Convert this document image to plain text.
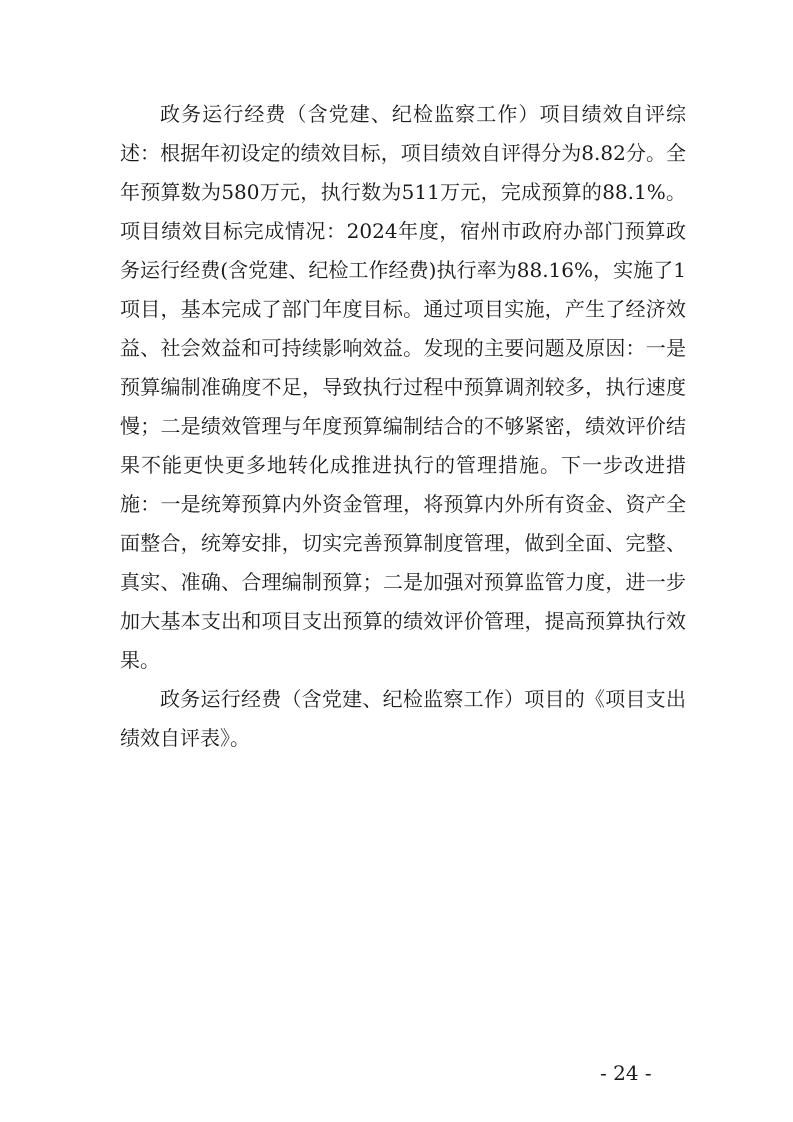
政务运行经费（含党建、纪检监察工作）项目绩效自评综述：根据年初设定的绩效目标，项目绩效自评得分为8.82分。全年预算数为580万元，执行数为511万元，完成预算的88.1%。项目绩效目标完成情况：2024年度，宿州市政府办部门预算政务运行经费(含党建、纪检工作经费)执行率为88.16%，实施了1项目，基本完成了部门年度目标。通过项目实施，产生了经济效益、社会效益和可持续影响效益。发现的主要问题及原因：一是预算编制准确度不足，导致执行过程中预算调剂较多，执行速度慢；二是绩效管理与年度预算编制结合的不够紧密，绩效评价结果不能更快更多地转化成推进执行的管理措施。下一步改进措施：一是统筹预算内外资金管理，将预算内外所有资金、资产全面整合，统筹安排，切实完善预算制度管理，做到全面、完整、真实、准确、合理编制预算；二是加强对预算监管力度，进一步加大基本支出和项目支出预算的绩效评价管理，提高预算执行效果。

政务运行经费（含党建、纪检监察工作）项目的《项目支出绩效自评表》。

- 24 -
